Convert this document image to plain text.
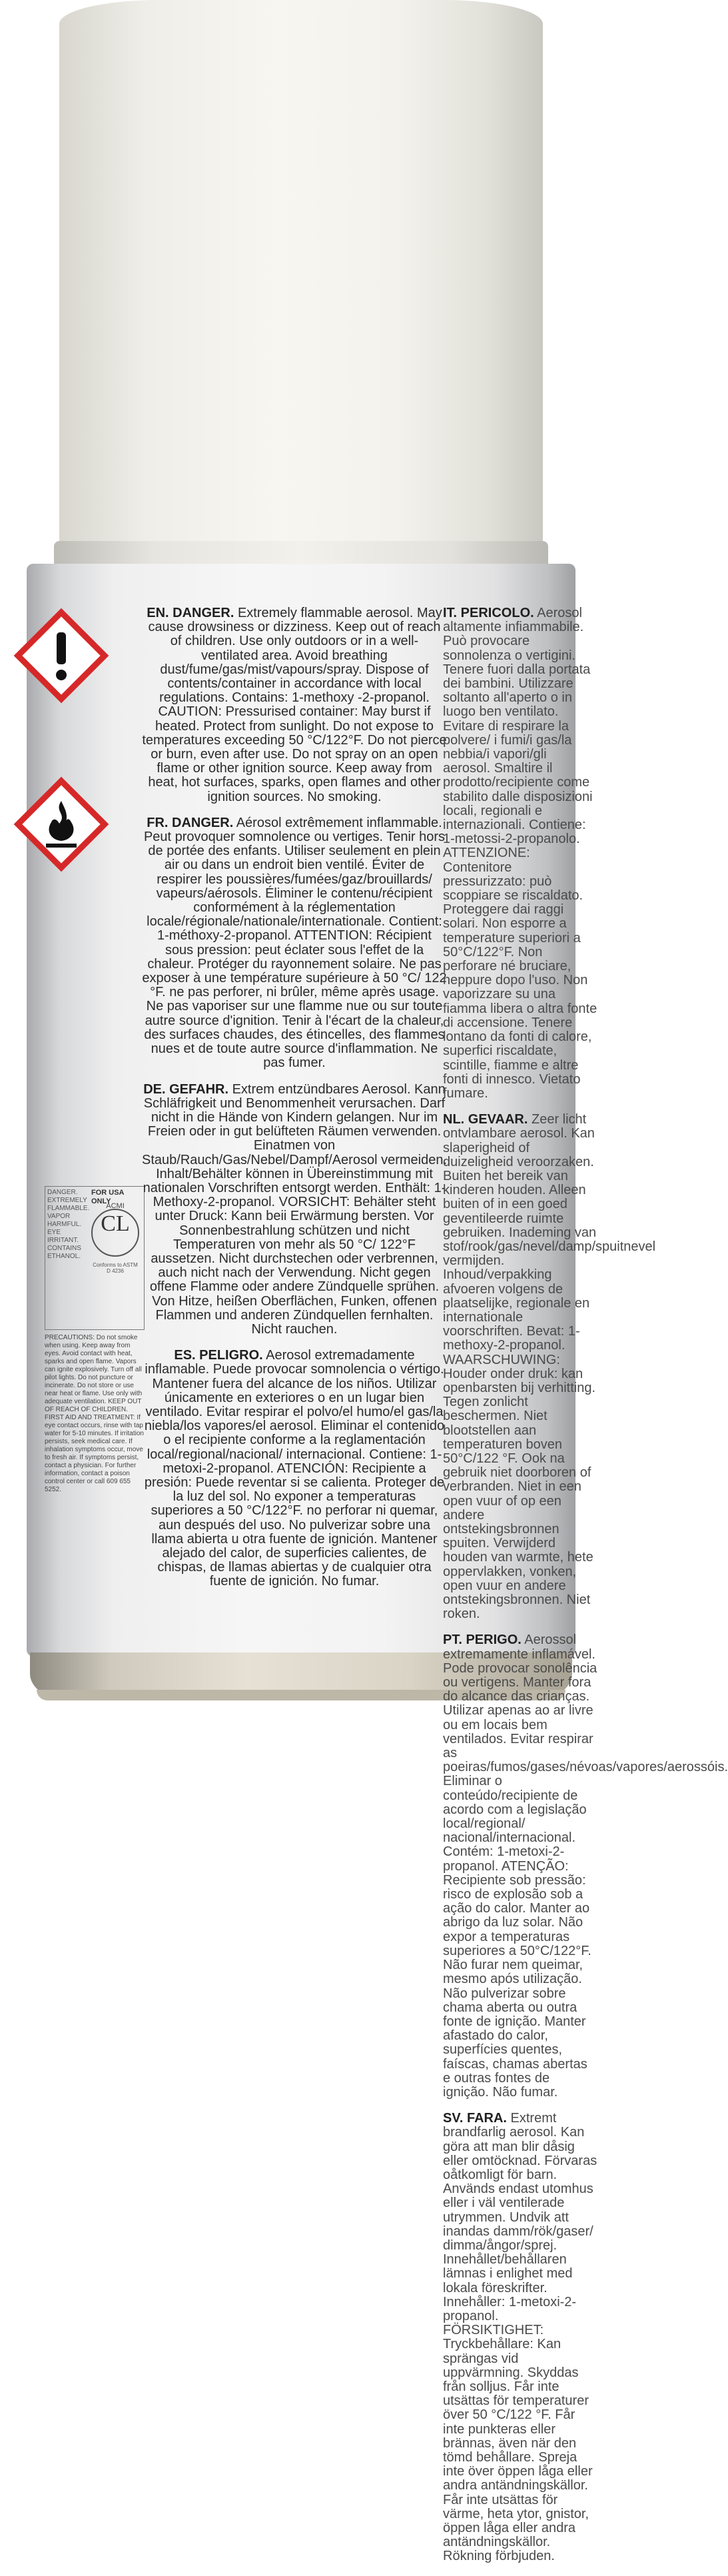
DANGER. EXTREMELY FLAMMABLE. VAPOR HARMFUL. EYE IRRITANT. CONTAINS ETHANOL.
FOR USA ONLY
ACMI
CL
Conforms to ASTM D 4236
PRECAUTIONS: Do not smoke when using. Keep away from eyes. Avoid contact with heat, sparks and open flame. Vapors can ignite explosively. Turn off all pilot lights. Do not puncture or incinerate. Do not store or use near heat or flame. Use only with adequate ventilation. KEEP OUT OF REACH OF CHILDREN. FIRST AID AND TREATMENT: If eye contact occurs, rinse with tap water for 5-10 minutes. If irritation persists, seek medical care. If inhalation symptoms occur, move to fresh air. If symptoms persist, contact a physician. For further information, contact a poison control center or call 609 655 5252.
EN. DANGER. Extremely flammable aerosol. May cause drowsiness or dizziness. Keep out of reach of children. Use only outdoors or in a well-ventilated area. Avoid breathing dust/fume/gas/mist/vapours/spray. Dispose of contents/container in accordance with local regulations. Contains: 1-methoxy -2-propanol. CAUTION: Pressurised container: May burst if heated. Protect from sunlight. Do not expose to temperatures exceeding 50 °C/122°F. Do not pierce or burn, even after use. Do not spray on an open flame or other ignition source. Keep away from heat, hot surfaces, sparks, open flames and other ignition sources. No smoking.
FR. DANGER. Aérosol extrêmement inflammable. Peut provoquer somnolence ou vertiges. Tenir hors de portée des enfants. Utiliser seulement en plein air ou dans un endroit bien ventilé. Éviter de respirer les poussières/fumées/gaz/brouillards/ vapeurs/aérosols. Éliminer le contenu/récipient conformément à la réglementation locale/régionale/nationale/internationale. Contient: 1-méthoxy-2-propanol. ATTENTION: Récipient sous pression: peut éclater sous l'effet de la chaleur. Protéger du rayonnement solaire. Ne pas exposer à une température supérieure à 50 °C/ 122 °F. ne pas perforer, ni brûler, même après usage. Ne pas vaporiser sur une flamme nue ou sur toute autre source d'ignition. Tenir à l'écart de la chaleur, des surfaces chaudes, des étincelles, des flammes nues et de toute autre source d'inflammation. Ne pas fumer.
DE. GEFAHR. Extrem entzündbares Aerosol. Kann Schläfrigkeit und Benommenheit verursachen. Darf nicht in die Hände von Kindern gelangen. Nur im Freien oder in gut belüfteten Räumen verwenden. Einatmen von Staub/Rauch/Gas/Nebel/Dampf/Aerosol vermeiden. Inhalt/Behälter können in Übereinstimmung mit nationalen Vorschriften entsorgt werden. Enthält: 1-Methoxy-2-propanol. VORSICHT: Behälter steht unter Druck: Kann beii Erwärmung bersten. Vor Sonnenbestrahlung schützen und nicht Temperaturen von mehr als 50 °C/ 122°F aussetzen. Nicht durchstechen oder verbrennen, auch nicht nach der Verwendung. Nicht gegen offene Flamme oder andere Zündquelle sprühen. Von Hitze, heißen Oberflächen, Funken, offenen Flammen und anderen Zündquellen fernhalten. Nicht rauchen.
ES. PELIGRO. Aerosol extremadamente inflamable. Puede provocar somnolencia o vértigo. Mantener fuera del alcance de los niños. Utilizar únicamente en exteriores o en un lugar bien ventilado. Evitar respirar el polvo/el humo/el gas/la niebla/los vapores/el aerosol. Eliminar el contenido o el recipiente conforme a la reglamentación local/regional/nacional/ internacional. Contiene: 1-metoxi-2-propanol. ATENCIÓN: Recipiente a presión: Puede reventar si se calienta. Proteger de la luz del sol. No exponer a temperaturas superiores a 50 °C/122°F. no perforar ni quemar, aun después del uso. No pulverizar sobre una llama abierta u otra fuente de ignición. Mantener alejado del calor, de superficies calientes, de chispas, de llamas abiertas y de cualquier otra fuente de ignición. No fumar.
IT. PERICOLO. Aerosol altamente infiammabile. Può provocare sonnolenza o vertigini. Tenere fuori dalla portata dei bambini. Utilizzare soltanto all'aperto o in luogo ben ventilato. Evitare di respirare la polvere/ i fumi/i gas/la nebbia/i vapori/gli aerosol. Smaltire il prodotto/recipiente come stabilito dalle disposizioni locali, regionali e internazionali. Contiene: 1-metossi-2-propanolo. ATTENZIONE: Contenitore pressurizzato: può scoppiare se riscaldato. Proteggere dai raggi solari. Non esporre a temperature superiori a 50°C/122°F. Non perforare né bruciare, neppure dopo l'uso. Non vaporizzare su una fiamma libera o altra fonte di accensione. Tenere lontano da fonti di calore, superfici riscaldate, scintille, fiamme e altre fonti di innesco. Vietato fumare.
NL. GEVAAR. Zeer licht ontvlambare aerosol. Kan slaperigheid of duizeligheid veroorzaken. Buiten het bereik van kinderen houden. Alleen buiten of in een goed geventileerde ruimte gebruiken. Inademing van stof/rook/gas/nevel/damp/spuitnevel vermijden. Inhoud/verpakking afvoeren volgens de plaatselijke, regionale en internationale voorschriften. Bevat: 1-methoxy-2-propanol. WAARSCHUWING: Houder onder druk: kan openbarsten bij verhitting. Tegen zonlicht beschermen. Niet blootstellen aan temperaturen boven 50°C/122 °F. Ook na gebruik niet doorboren of verbranden. Niet in een open vuur of op een andere ontstekingsbronnen spuiten. Verwijderd houden van warmte, hete oppervlakken, vonken, open vuur en andere ontstekingsbronnen. Niet roken.
PT. PERIGO. Aerossol extremamente inflamável. Pode provocar sonolência ou vertigens. Manter fora do alcance das crianças. Utilizar apenas ao ar livre ou em locais bem ventilados. Evitar respirar as poeiras/fumos/gases/névoas/vapores/aerossóis. Eliminar o conteúdo/recipiente de acordo com a legislação local/regional/ nacional/internacional. Contém: 1-metoxi-2-propanol. ATENÇÃO: Recipiente sob pressão: risco de explosão sob a ação do calor. Manter ao abrigo da luz solar. Não expor a temperaturas superiores a 50°C/122°F. Não furar nem queimar, mesmo após utilização. Não pulverizar sobre chama aberta ou outra fonte de ignição. Manter afastado do calor, superfícies quentes, faíscas, chamas abertas e outras fontes de ignição. Não fumar.
SV. FARA. Extremt brandfarlig aerosol. Kan göra att man blir dåsig eller omtöcknad. Förvaras oåtkomligt för barn. Används endast utomhus eller i väl ventilerade utrymmen. Undvik att inandas damm/rök/gaser/ dimma/ångor/sprej. Innehållet/behållaren lämnas i enlighet med lokala föreskrifter. Innehåller: 1-metoxi-2-propanol. FÖRSIKTIGHET: Tryckbehållare: Kan sprängas vid uppvärmning. Skyddas från solljus. Får inte utsättas för temperaturer över 50 °C/122 °F. Får inte punkteras eller brännas, även när den tömd behållare. Spreja inte över öppen låga eller andra antändningskällor. Får inte utsättas för värme, heta ytor, gnistor, öppen låga eller andra antändningskällor. Rökning förbjuden.
